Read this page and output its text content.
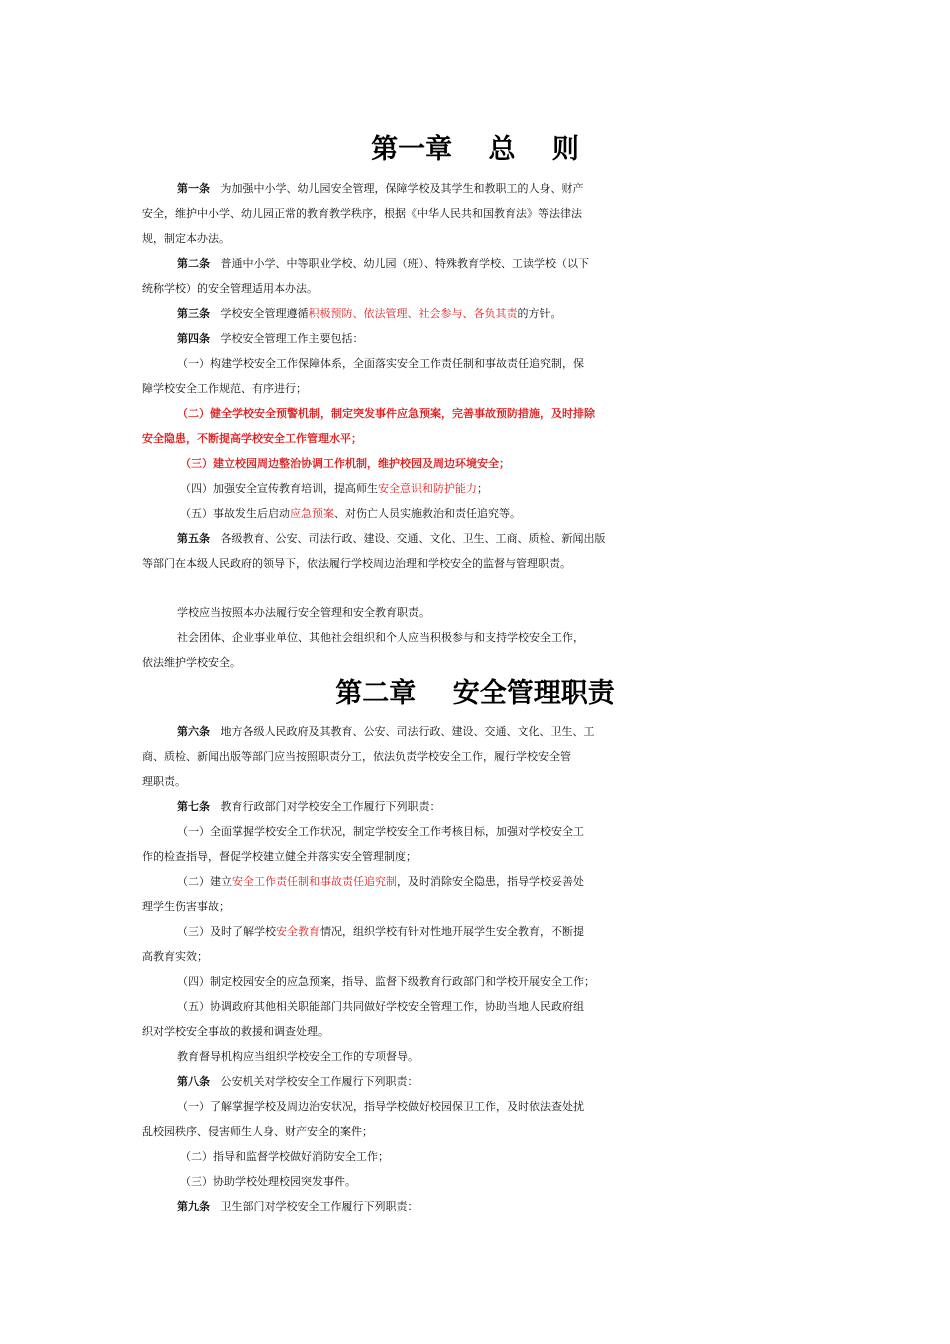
第一章　 总　 则
第一条 为加强中小学、幼儿园安全管理，保障学校及其学生和教职工的人身、财产
安全，维护中小学、幼儿园正常的教育教学秩序，根据《中华人民共和国教育法》等法律法
规，制定本办法。
第二条 普通中小学、中等职业学校、幼儿园（班）、特殊教育学校、工读学校（以下
统称学校）的安全管理适用本办法。
第三条 学校安全管理遵循积极预防、依法管理、社会参与、各负其责的方针。
第四条 学校安全管理工作主要包括：
（一）构建学校安全工作保障体系，全面落实安全工作责任制和事故责任追究制，保
障学校安全工作规范、有序进行；
（二）健全学校安全预警机制，制定突发事件应急预案，完善事故预防措施，及时排除
安全隐患，不断提高学校安全工作管理水平；
（三）建立校园周边整治协调工作机制，维护校园及周边环境安全；
（四）加强安全宣传教育培训，提高师生安全意识和防护能力；
（五）事故发生后启动应急预案、对伤亡人员实施救治和责任追究等。
第五条 各级教育、公安、司法行政、建设、交通、文化、卫生、工商、质检、新闻出版
等部门在本级人民政府的领导下，依法履行学校周边治理和学校安全的监督与管理职责。
学校应当按照本办法履行安全管理和安全教育职责。
社会团体、企业事业单位、其他社会组织和个人应当积极参与和支持学校安全工作，
依法维护学校安全。
第二章　 安全管理职责
第六条 地方各级人民政府及其教育、公安、司法行政、建设、交通、文化、卫生、工
商、质检、新闻出版等部门应当按照职责分工，依法负责学校安全工作，履行学校安全管
理职责。
第七条 教育行政部门对学校安全工作履行下列职责：
（一）全面掌握学校安全工作状况，制定学校安全工作考核目标，加强对学校安全工
作的检查指导，督促学校建立健全并落实安全管理制度；
（二）建立安全工作责任制和事故责任追究制，及时消除安全隐患，指导学校妥善处
理学生伤害事故；
（三）及时了解学校安全教育情况，组织学校有针对性地开展学生安全教育，不断提
高教育实效；
（四）制定校园安全的应急预案，指导、监督下级教育行政部门和学校开展安全工作；
（五）协调政府其他相关职能部门共同做好学校安全管理工作，协助当地人民政府组
织对学校安全事故的救援和调查处理。
教育督导机构应当组织学校安全工作的专项督导。
第八条 公安机关对学校安全工作履行下列职责：
（一）了解掌握学校及周边治安状况，指导学校做好校园保卫工作，及时依法查处扰
乱校园秩序、侵害师生人身、财产安全的案件；
（二）指导和监督学校做好消防安全工作；
（三）协助学校处理校园突发事件。
第九条 卫生部门对学校安全工作履行下列职责：
